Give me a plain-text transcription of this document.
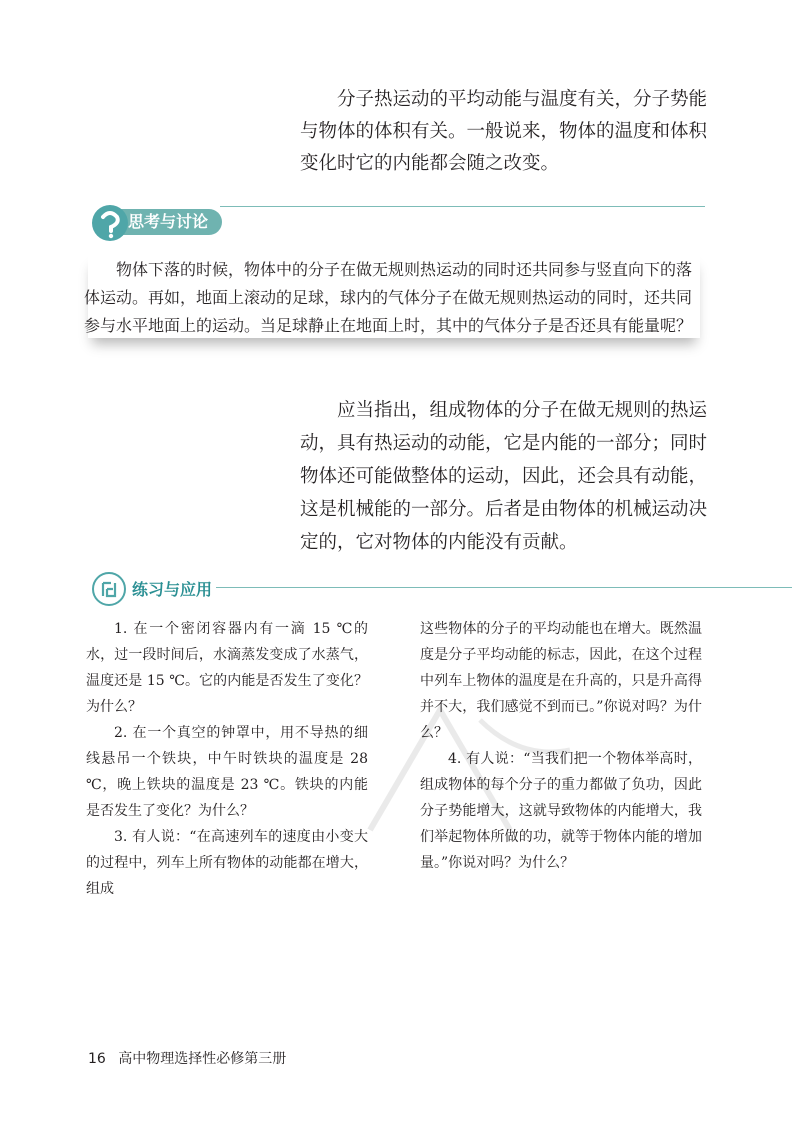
分子热运动的平均动能与温度有关，分子势能与物体的体积有关。一般说来，物体的温度和体积变化时它的内能都会随之改变。

思考与讨论

物体下落的时候，物体中的分子在做无规则热运动的同时还共同参与竖直向下的落体运动。再如，地面上滚动的足球，球内的气体分子在做无规则热运动的同时，还共同参与水平地面上的运动。当足球静止在地面上时，其中的气体分子是否还具有能量呢？

应当指出，组成物体的分子在做无规则的热运动，具有热运动的动能，它是内能的一部分；同时物体还可能做整体的运动，因此，还会具有动能，这是机械能的一部分。后者是由物体的机械运动决定的，它对物体的内能没有贡献。

练习与应用

1. 在一个密闭容器内有一滴 15 ℃的水，过一段时间后，水滴蒸发变成了水蒸气，温度还是 15 ℃。它的内能是否发生了变化？为什么？

2. 在一个真空的钟罩中，用不导热的细线悬吊一个铁块，中午时铁块的温度是 28 ℃，晚上铁块的温度是 23 ℃。铁块的内能是否发生了变化？为什么？

3. 有人说：“在高速列车的速度由小变大的过程中，列车上所有物体的动能都在增大，组成

这些物体的分子的平均动能也在增大。既然温度是分子平均动能的标志，因此，在这个过程中列车上物体的温度是在升高的，只是升高得并不大，我们感觉不到而已。”你说对吗？为什么？

4. 有人说：“当我们把一个物体举高时，组成物体的每个分子的重力都做了负功，因此分子势能增大，这就导致物体的内能增大，我们举起物体所做的功，就等于物体内能的增加量。”你说对吗？为什么？

16 高中物理选择性必修第三册
